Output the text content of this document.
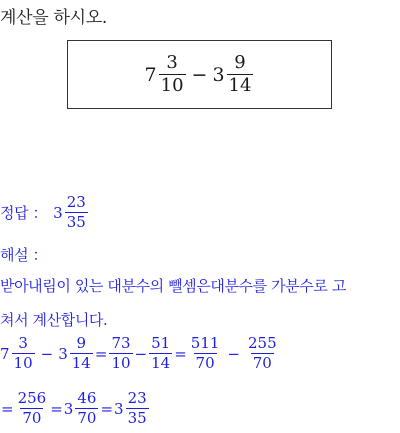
계산을 하시오.
$7 \frac{3}{10} - 3 \frac{9}{14}$
정답 ： $3 \frac{23}{35}$
해설 ：
받아내림이 있는 대분수의 뺄셈은대분수를 가분수로 고
쳐서 계산합니다.
$7 \frac{3}{10} - 3 \frac{9}{14} = \frac{73}{10} - \frac{51}{14} = \frac{511}{70} - \frac{255}{70}$
= $\frac{256}{70} = 3 \frac{46}{70} = 3 \frac{23}{35}$
